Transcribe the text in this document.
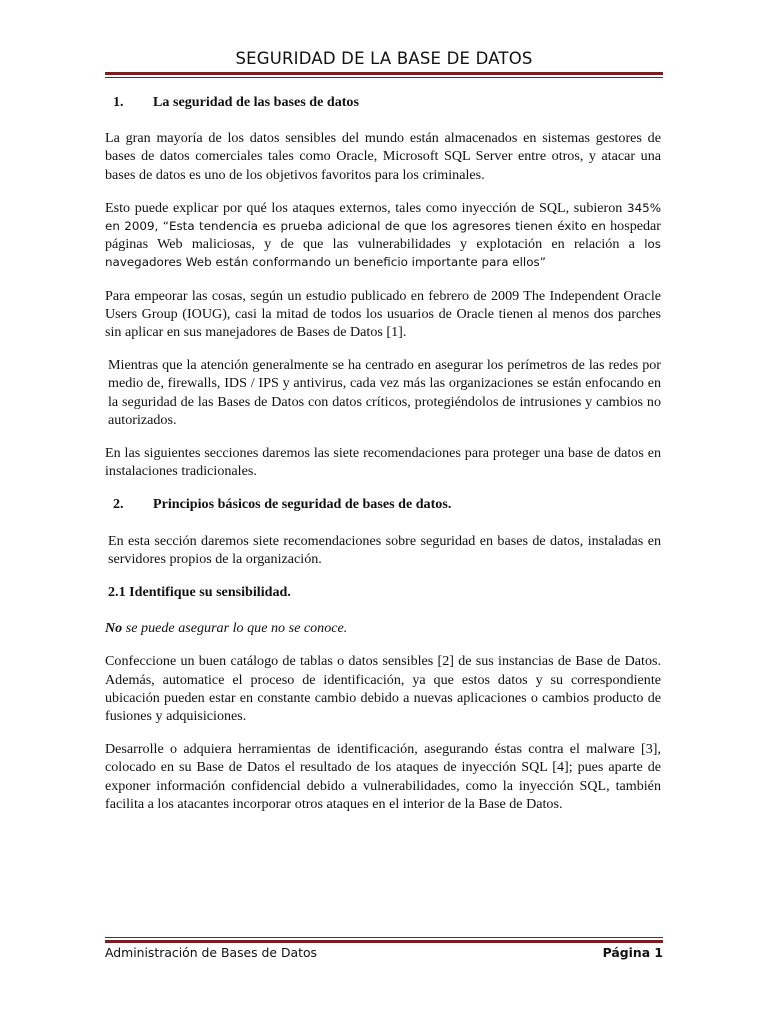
SEGURIDAD DE LA BASE DE DATOS
1.	La seguridad de las bases de datos

La gran mayoría de los datos sensibles del mundo están almacenados en sistemas gestores de bases de datos comerciales tales como Oracle, Microsoft SQL Server entre otros, y atacar una bases de datos es uno de los objetivos favoritos para los criminales.

Esto puede explicar por qué los ataques externos, tales como inyección de SQL, subieron 345% en 2009, “Esta tendencia es prueba adicional de que los agresores tienen éxito en hospedar páginas Web maliciosas, y de que las vulnerabilidades y explotación en relación a los navegadores Web están conformando un beneficio importante para ellos”

Para empeorar las cosas, según un estudio publicado en febrero de 2009 The Independent Oracle Users Group (IOUG), casi la mitad de todos los usuarios de Oracle tienen al menos dos parches sin aplicar en sus manejadores de Bases de Datos [1].

Mientras que la atención generalmente se ha centrado en asegurar los perímetros de las redes por medio de, firewalls, IDS / IPS y antivirus, cada vez más las organizaciones se están enfocando en la seguridad de las Bases de Datos con datos críticos, protegiéndolos de intrusiones y cambios no autorizados.

En las siguientes secciones daremos las siete recomendaciones para proteger una base de datos en instalaciones tradicionales.

2.	Principios básicos de seguridad de bases de datos.

En esta sección daremos siete recomendaciones sobre seguridad en bases de datos, instaladas en servidores propios de la organización.

2.1 Identifique su sensibilidad.

No se puede asegurar lo que no se conoce.

Confeccione un buen catálogo de tablas o datos sensibles [2] de sus instancias de Base de Datos. Además, automatice el proceso de identificación, ya que estos datos y su correspondiente ubicación pueden estar en constante cambio debido a nuevas aplicaciones o cambios producto de fusiones y adquisiciones.

Desarrolle o adquiera herramientas de identificación, asegurando éstas contra el malware [3], colocado en su Base de Datos el resultado de los ataques de inyección SQL [4]; pues aparte de exponer información confidencial debido a vulnerabilidades, como la inyección SQL, también facilita a los atacantes incorporar otros ataques en el interior de la Base de Datos.

Administración de Bases de Datos	Página 1
